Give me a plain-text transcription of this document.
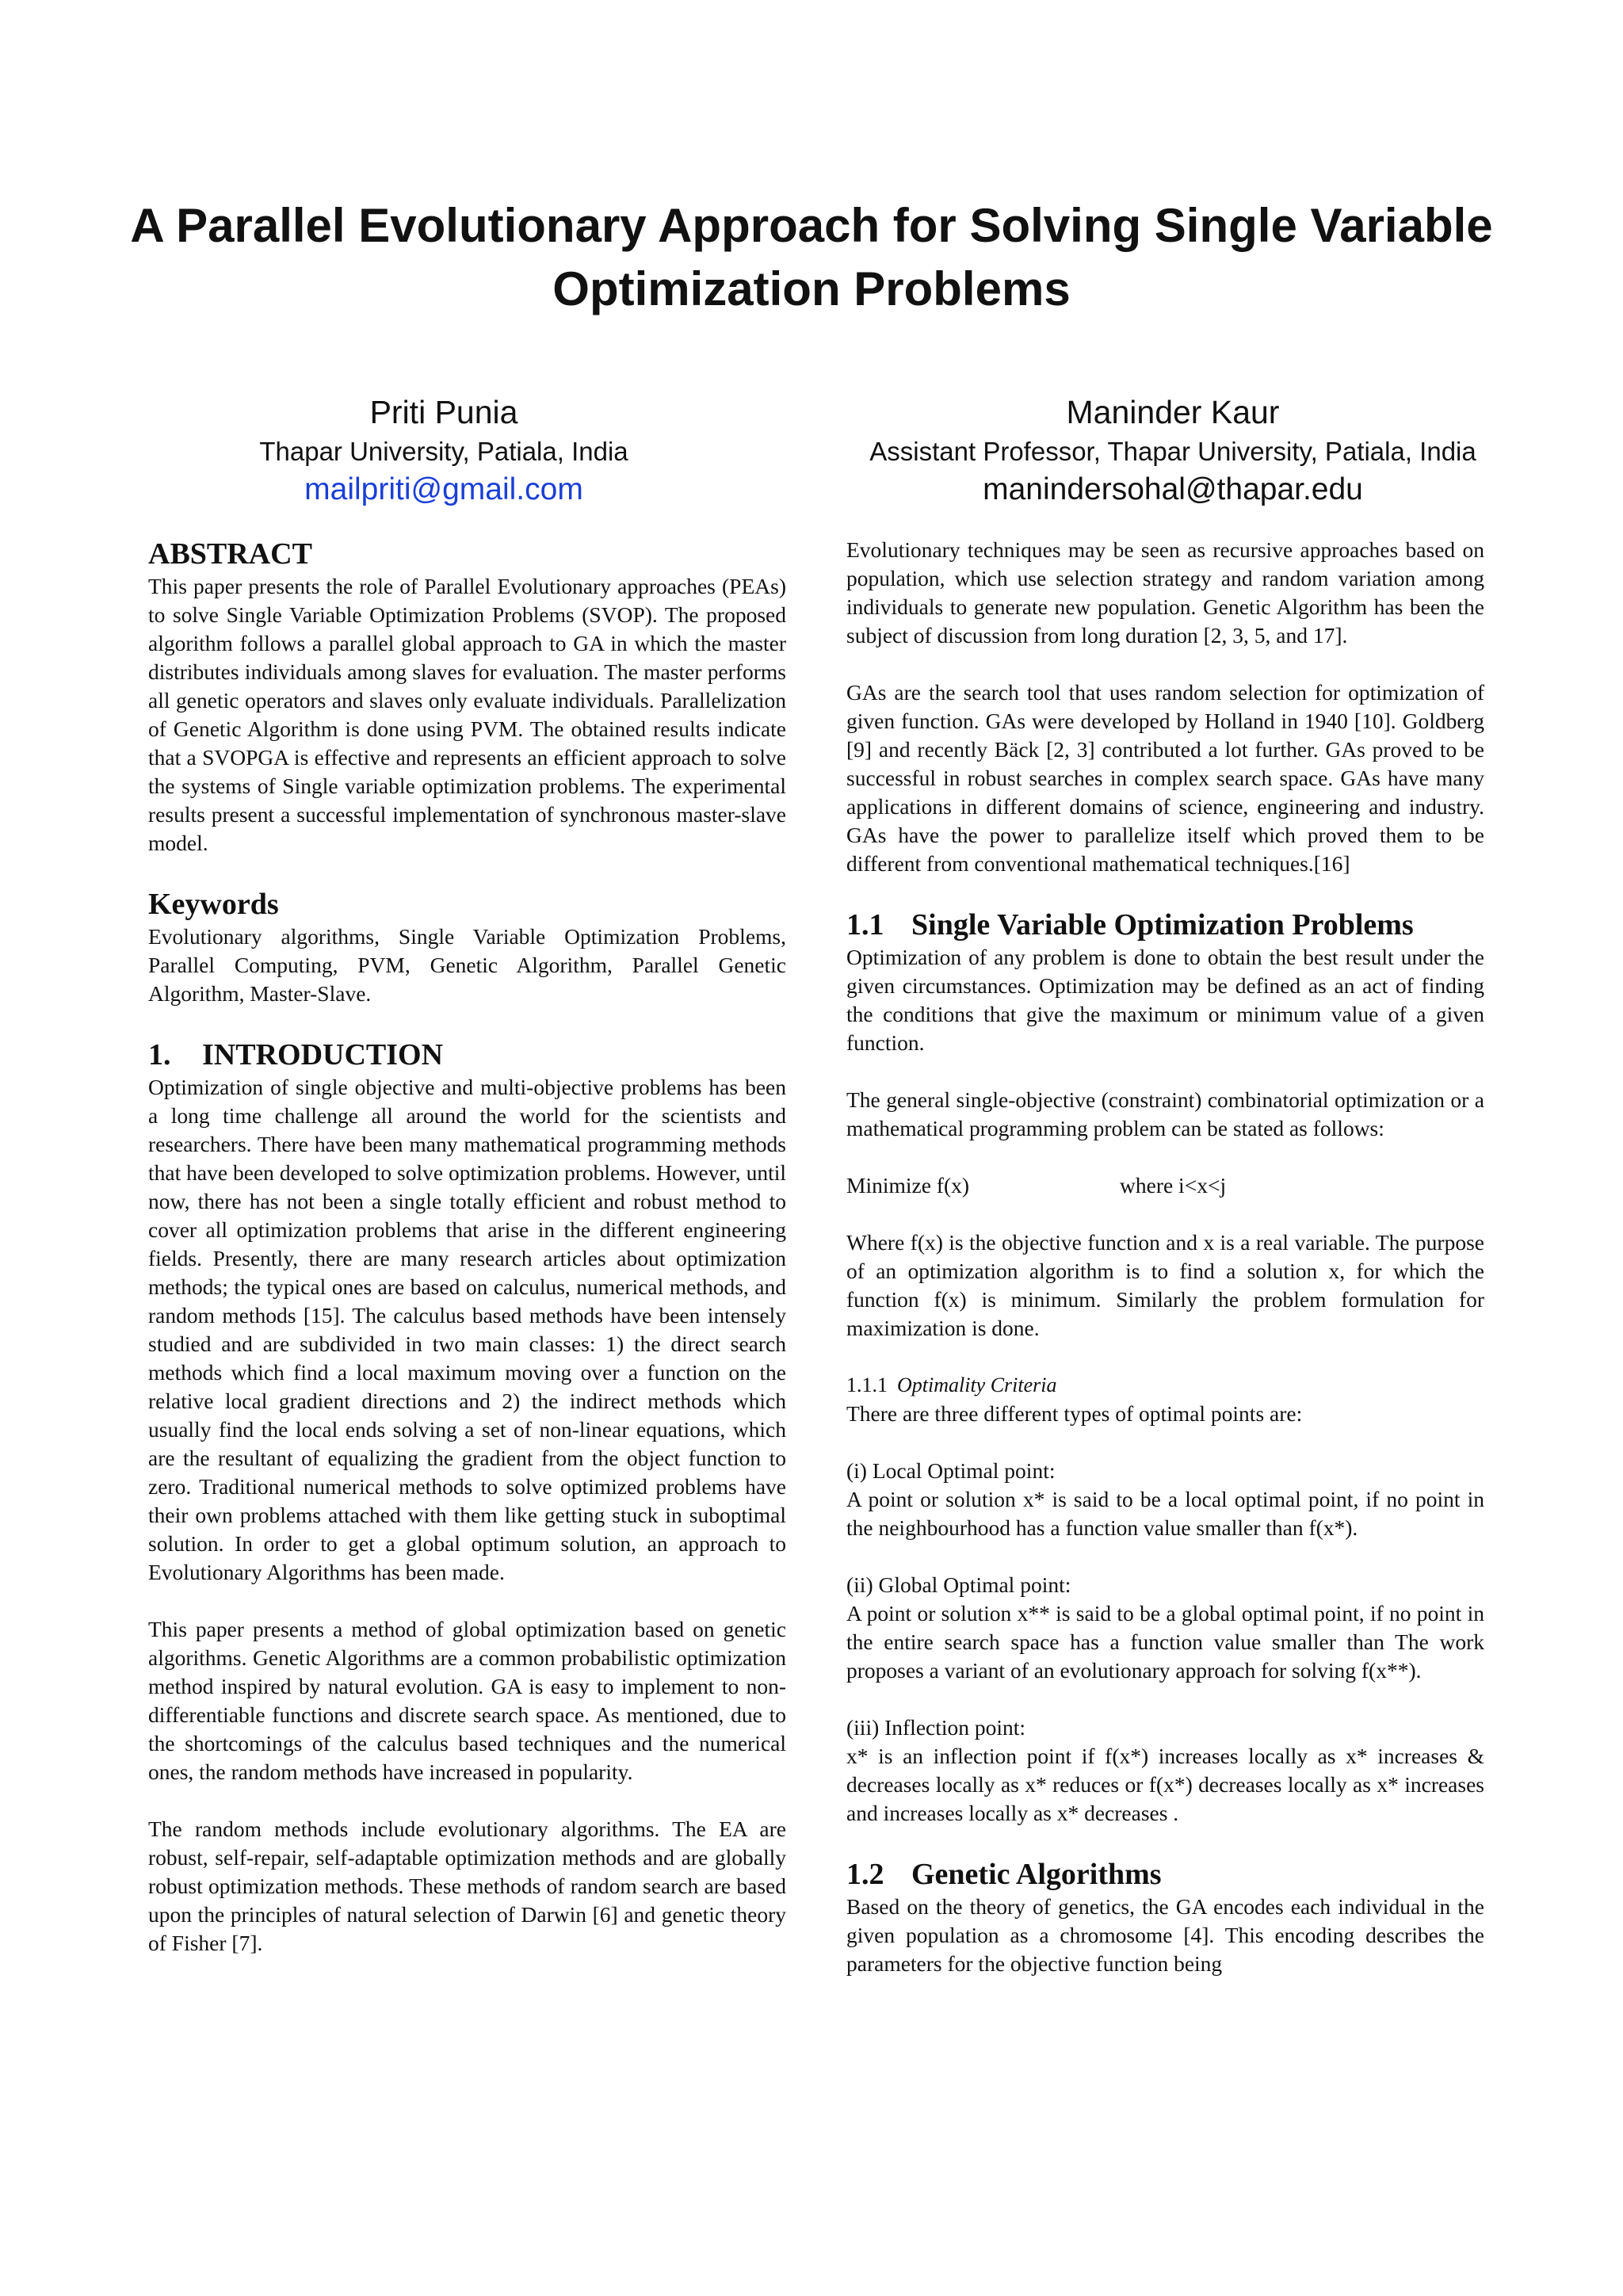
A Parallel Evolutionary Approach for Solving Single Variable Optimization Problems
Priti Punia
Thapar University, Patiala, India
mailpriti@gmail.com
Maninder Kaur
Assistant Professor, Thapar University, Patiala, India
manindersohal@thapar.edu
ABSTRACT

This paper presents the role of Parallel Evolutionary approaches (PEAs) to solve Single Variable Optimization Problems (SVOP). The proposed algorithm follows a parallel global approach to GA in which the master distributes individuals among slaves for evaluation. The master performs all genetic operators and slaves only evaluate individuals. Parallelization of Genetic Algorithm is done using PVM. The obtained results indicate that a SVOPGA is effective and represents an efficient approach to solve the systems of Single variable optimization problems. The experimental results present a successful implementation of synchronous master-slave model.

Keywords

Evolutionary algorithms, Single Variable Optimization Problems, Parallel Computing, PVM, Genetic Algorithm, Parallel Genetic Algorithm, Master-Slave.

1. INTRODUCTION

Optimization of single objective and multi-objective problems has been a long time challenge all around the world for the scientists and researchers. There have been many mathematical programming methods that have been developed to solve optimization problems. However, until now, there has not been a single totally efficient and robust method to cover all optimization problems that arise in the different engineering fields. Presently, there are many research articles about optimization methods; the typical ones are based on calculus, numerical methods, and random methods [15]. The calculus based methods have been intensely studied and are subdivided in two main classes: 1) the direct search methods which find a local maximum moving over a function on the relative local gradient directions and 2) the indirect methods which usually find the local ends solving a set of non-linear equations, which are the resultant of equalizing the gradient from the object function to zero. Traditional numerical methods to solve optimized problems have their own problems attached with them like getting stuck in suboptimal solution. In order to get a global optimum solution, an approach to Evolutionary Algorithms has been made.

This paper presents a method of global optimization based on genetic algorithms. Genetic Algorithms are a common probabilistic optimization method inspired by natural evolution. GA is easy to implement to non-differentiable functions and discrete search space. As mentioned, due to the shortcomings of the calculus based techniques and the numerical ones, the random methods have increased in popularity.

The random methods include evolutionary algorithms. The EA are robust, self-repair, self-adaptable optimization methods and are globally robust optimization methods. These methods of random search are based upon the principles of natural selection of Darwin [6] and genetic theory of Fisher [7].

Evolutionary techniques may be seen as recursive approaches based on population, which use selection strategy and random variation among individuals to generate new population. Genetic Algorithm has been the subject of discussion from long duration [2, 3, 5, and 17].

GAs are the search tool that uses random selection for optimization of given function. GAs were developed by Holland in 1940 [10]. Goldberg [9] and recently Bäck [2, 3] contributed a lot further. GAs proved to be successful in robust searches in complex search space. GAs have many applications in different domains of science, engineering and industry. GAs have the power to parallelize itself which proved them to be different from conventional mathematical techniques.[16]

1.1 Single Variable Optimization Problems

Optimization of any problem is done to obtain the best result under the given circumstances. Optimization may be defined as an act of finding the conditions that give the maximum or minimum value of a given function.

The general single-objective (constraint) combinatorial optimization or a mathematical programming problem can be stated as follows:

Minimize f(x)	where i<x<j

Where f(x) is the objective function and x is a real variable. The purpose of an optimization algorithm is to find a solution x, for which the function f(x) is minimum. Similarly the problem formulation for maximization is done.

1.1.1 Optimality Criteria

There are three different types of optimal points are:

(i) Local Optimal point:

A point or solution x* is said to be a local optimal point, if no point in the neighbourhood has a function value smaller than f(x*).

(ii) Global Optimal point:

A point or solution x** is said to be a global optimal point, if no point in the entire search space has a function value smaller than The work proposes a variant of an evolutionary approach for solving f(x**).

(iii) Inflection point:

x* is an inflection point if f(x*) increases locally as x* increases & decreases locally as x* reduces or f(x*) decreases locally as x* increases and increases locally as x* decreases .

1.2 Genetic Algorithms

Based on the theory of genetics, the GA encodes each individual in the given population as a chromosome [4]. This encoding describes the parameters for the objective function being
